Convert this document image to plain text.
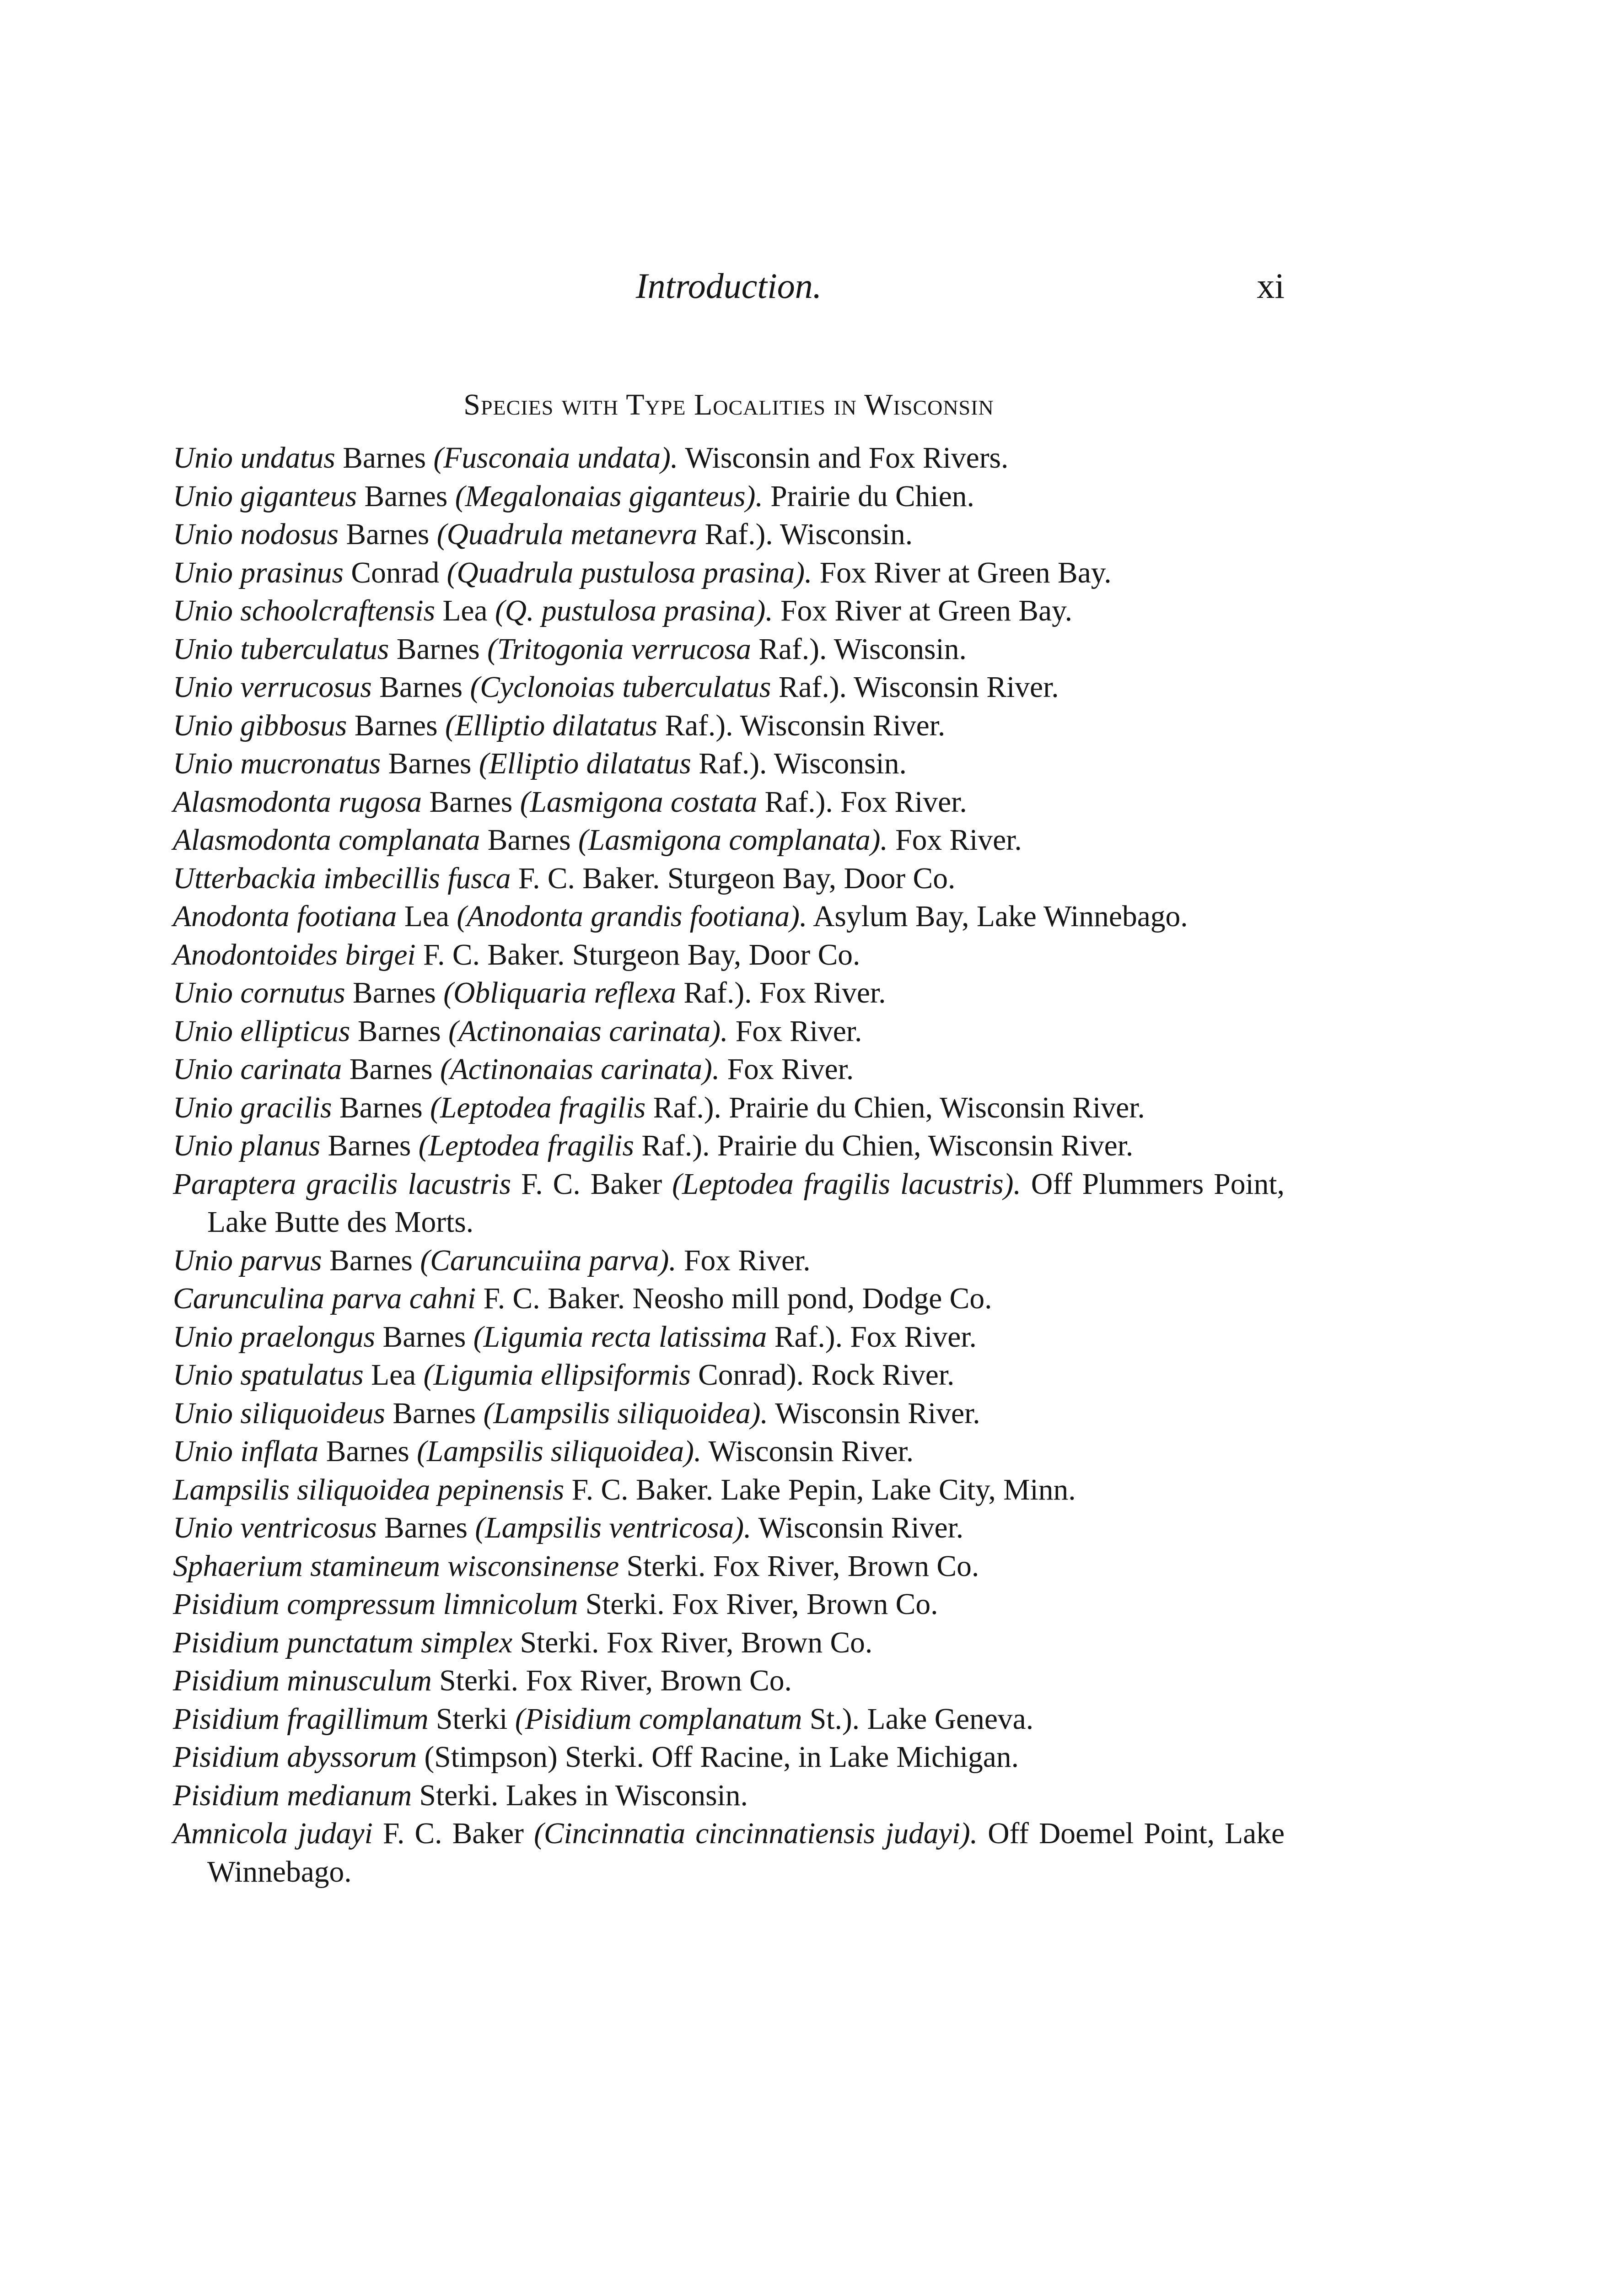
Introduction.	xi
Species with Type Localities in Wisconsin
Unio undatus Barnes (Fusconaia undata). Wisconsin and Fox Rivers.
Unio giganteus Barnes (Megalonaias giganteus). Prairie du Chien.
Unio nodosus Barnes (Quadrula metanevra Raf.). Wisconsin.
Unio prasinus Conrad (Quadrula pustulosa prasina). Fox River at Green Bay.
Unio schoolcraftensis Lea (Q. pustulosa prasina). Fox River at Green Bay.
Unio tuberculatus Barnes (Tritogonia verrucosa Raf.). Wisconsin.
Unio verrucosus Barnes (Cyclonoias tuberculatus Raf.). Wisconsin River.
Unio gibbosus Barnes (Elliptio dilatatus Raf.). Wisconsin River.
Unio mucronatus Barnes (Elliptio dilatatus Raf.). Wisconsin.
Alasmodonta rugosa Barnes (Lasmigona costata Raf.). Fox River.
Alasmodonta complanata Barnes (Lasmigona complanata). Fox River.
Utterbackia imbecillis fusca F. C. Baker. Sturgeon Bay, Door Co.
Anodonta footiana Lea (Anodonta grandis footiana). Asylum Bay, Lake Winnebago.
Anodontoides birgei F. C. Baker. Sturgeon Bay, Door Co.
Unio cornutus Barnes (Obliquaria reflexa Raf.). Fox River.
Unio ellipticus Barnes (Actinonaias carinata). Fox River.
Unio carinata Barnes (Actinonaias carinata). Fox River.
Unio gracilis Barnes (Leptodea fragilis Raf.). Prairie du Chien, Wisconsin River.
Unio planus Barnes (Leptodea fragilis Raf.). Prairie du Chien, Wisconsin River.
Paraptera gracilis lacustris F. C. Baker (Leptodea fragilis lacustris). Off Plummers Point, Lake Butte des Morts.
Unio parvus Barnes (Caruncuiina parva). Fox River.
Carunculina parva cahni F. C. Baker. Neosho mill pond, Dodge Co.
Unio praelongus Barnes (Ligumia recta latissima Raf.). Fox River.
Unio spatulatus Lea (Ligumia ellipsiformis Conrad). Rock River.
Unio siliquoideus Barnes (Lampsilis siliquoidea). Wisconsin River.
Unio inflata Barnes (Lampsilis siliquoidea). Wisconsin River.
Lampsilis siliquoidea pepinensis F. C. Baker. Lake Pepin, Lake City, Minn.
Unio ventricosus Barnes (Lampsilis ventricosa). Wisconsin River.
Sphaerium stamineum wisconsinense Sterki. Fox River, Brown Co.
Pisidium compressum limnicolum Sterki. Fox River, Brown Co.
Pisidium punctatum simplex Sterki. Fox River, Brown Co.
Pisidium minusculum Sterki. Fox River, Brown Co.
Pisidium fragillimum Sterki (Pisidium complanatum St.). Lake Geneva.
Pisidium abyssorum (Stimpson) Sterki. Off Racine, in Lake Michigan.
Pisidium medianum Sterki. Lakes in Wisconsin.
Amnicola judayi F. C. Baker (Cincinnatia cincinnatiensis judayi). Off Doemel Point, Lake Winnebago.
